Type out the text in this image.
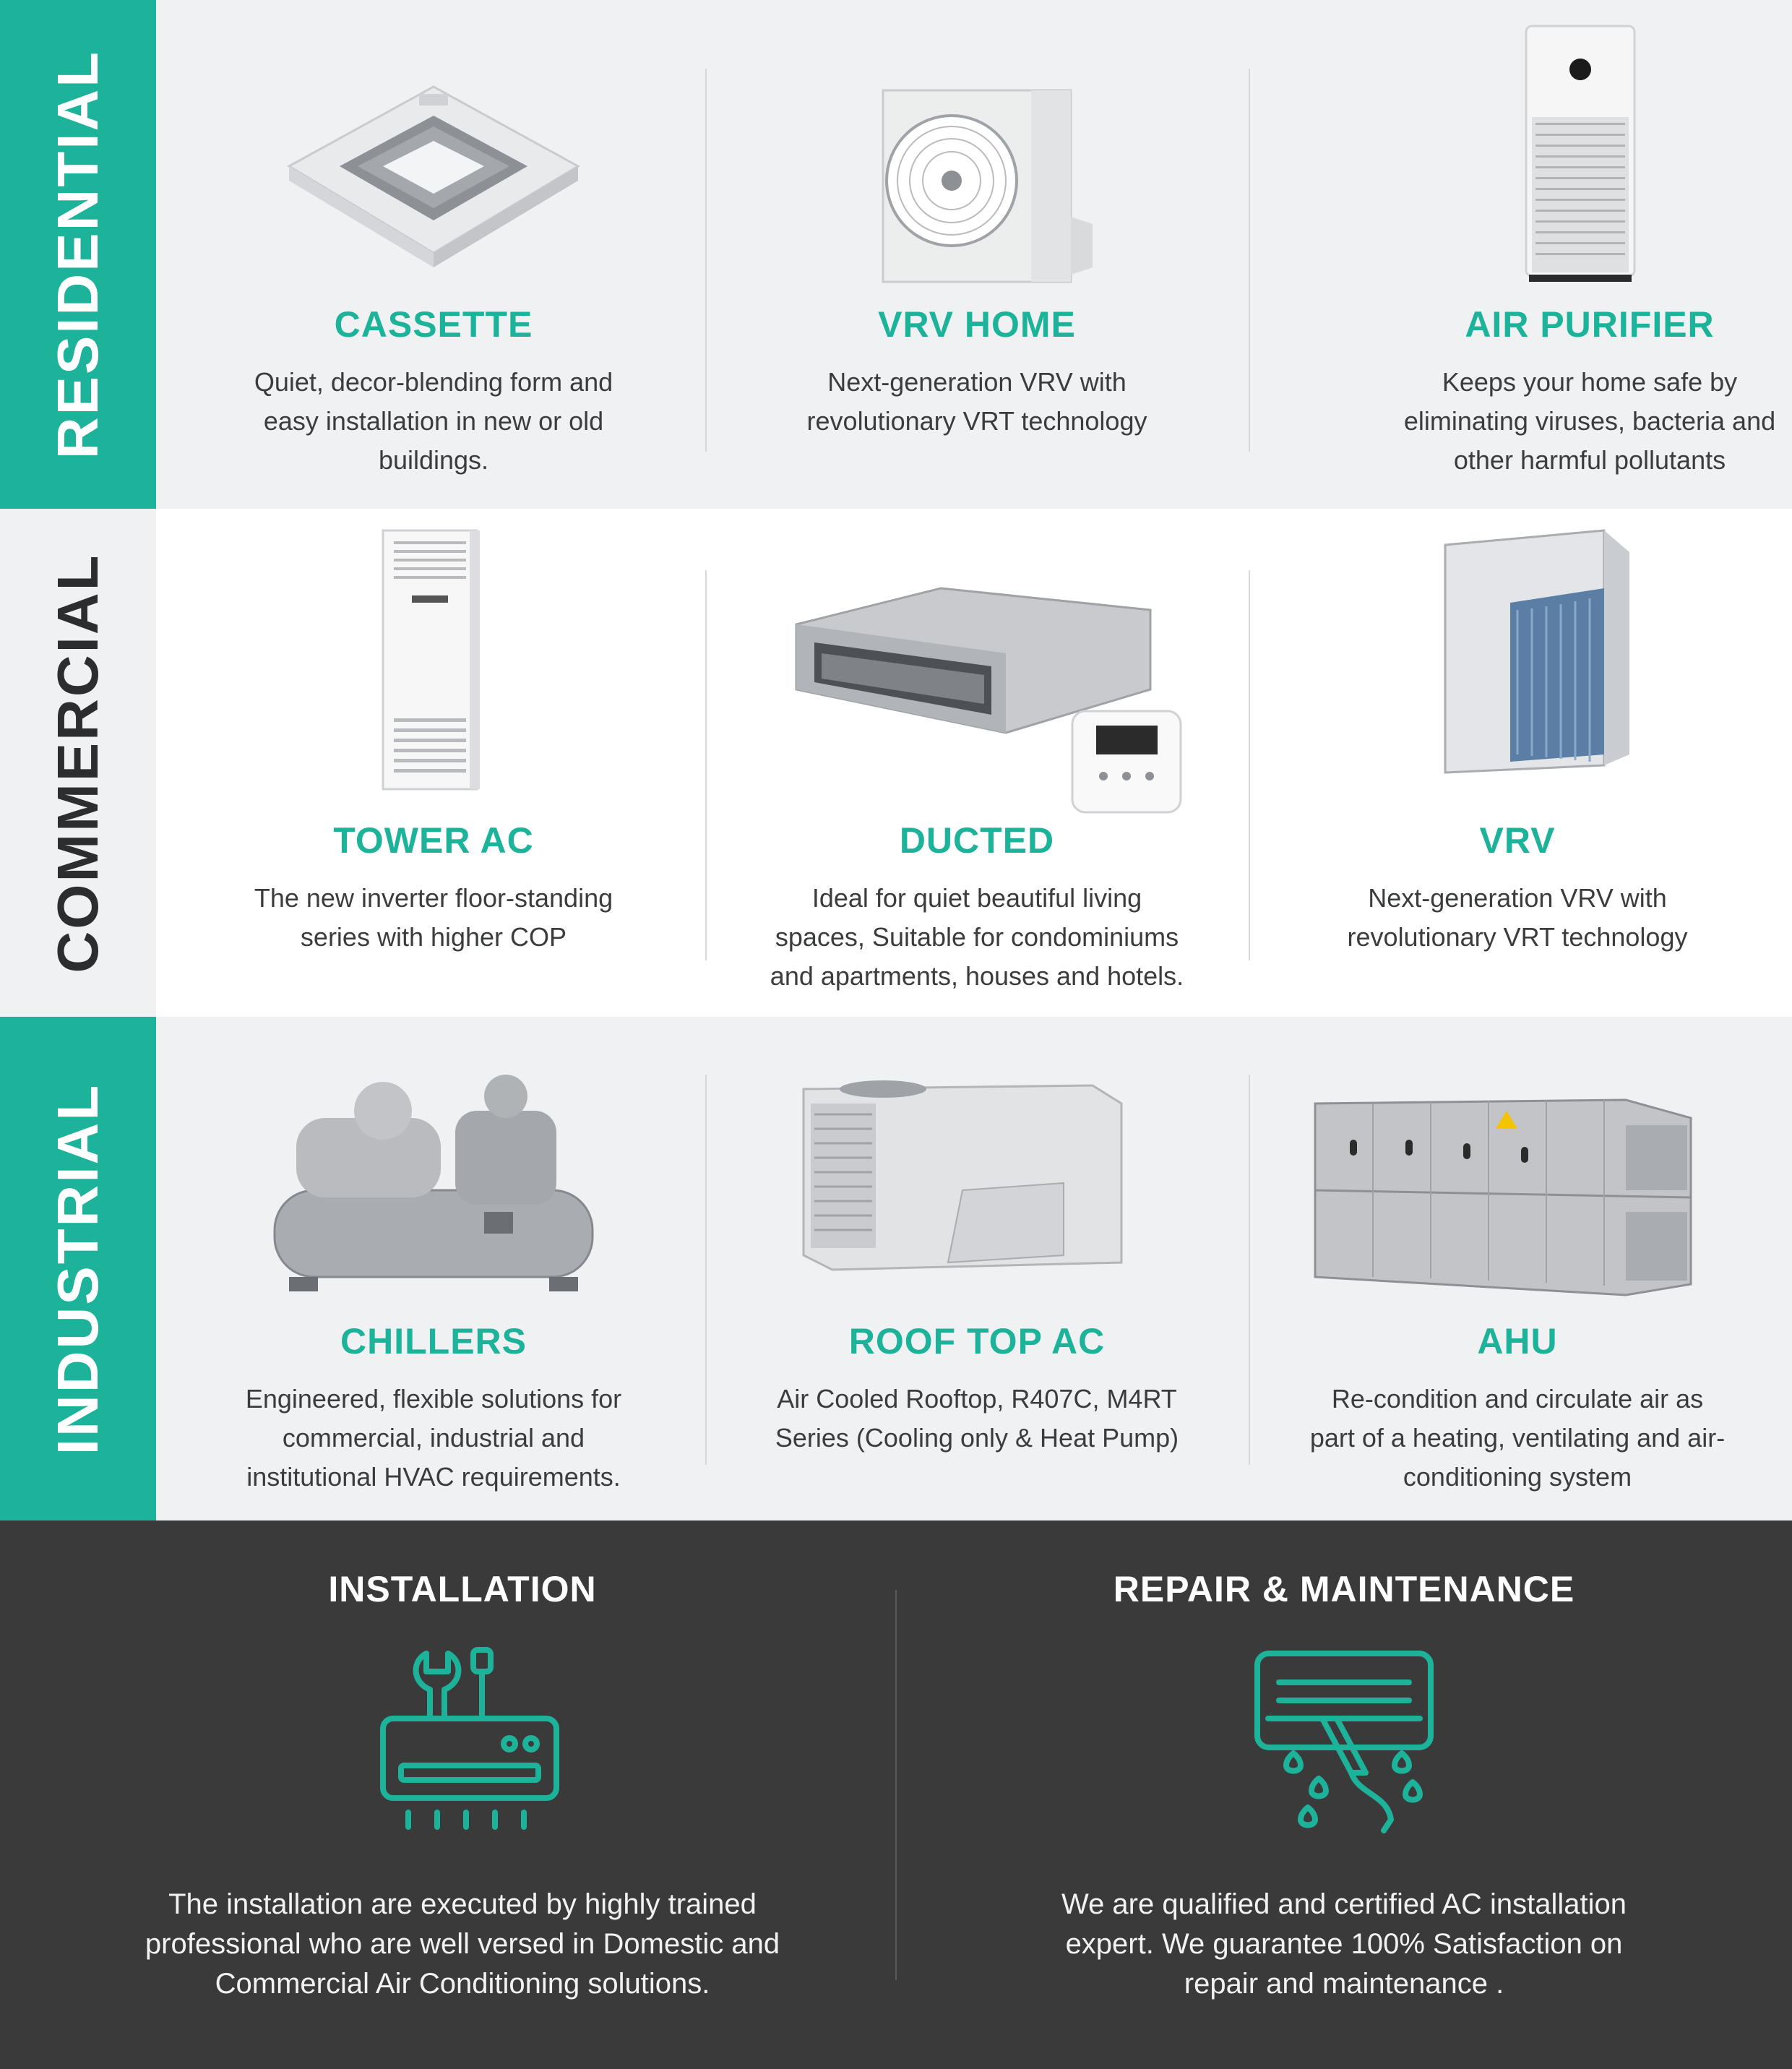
RESIDENTIAL	CASSETTE
Quiet, decor-blending form and easy installation in new or old buildings.
VRV HOME
Next-generation VRV with revolutionary VRT technology
AIR PURIFIER
Keeps your home safe by eliminating viruses, bacteria and other harmful pollutants
COMMERCIAL	TOWER AC
The new inverter floor-standing series with higher COP
DUCTED
Ideal for quiet beautiful living spaces, Suitable for condominiums and apartments, houses and hotels.
VRV
Next-generation VRV with revolutionary VRT technology
INDUSTRIAL	CHILLERS
Engineered, flexible solutions for commercial, industrial and institutional HVAC requirements.
ROOF TOP AC
Air Cooled Rooftop, R407C, M4RT Series (Cooling only & Heat Pump)
AHU
Re-condition and circulate air as part of a heating, ventilating and air-conditioning system
INSTALLATION
The installation are executed by highly trained professional who are well versed in Domestic and Commercial Air Conditioning solutions.
REPAIR & MAINTENANCE
We are qualified and certified AC installation expert. We guarantee 100% Satisfaction on repair and maintenance .
